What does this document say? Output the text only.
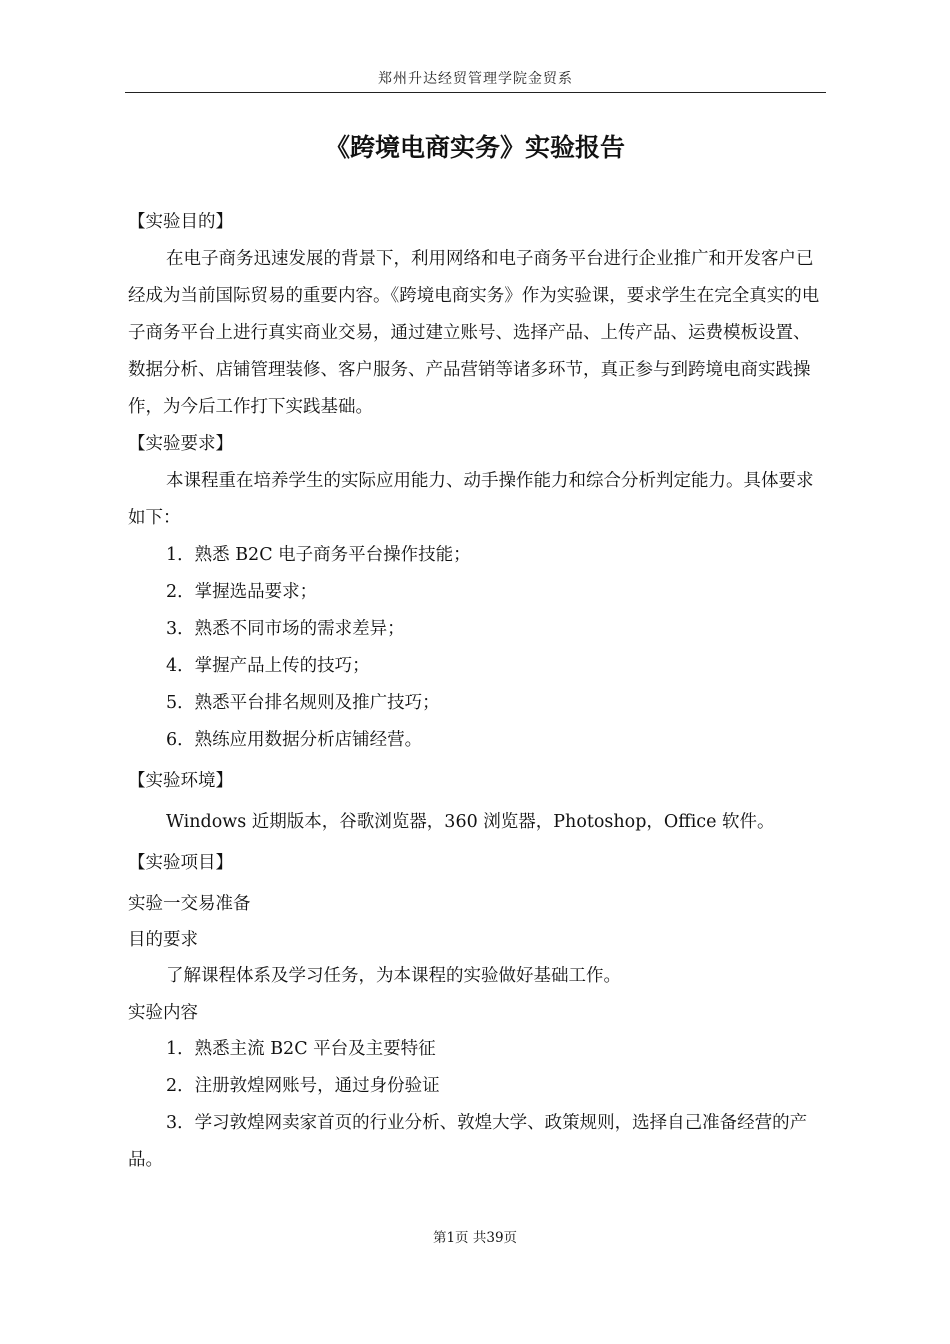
郑州升达经贸管理学院金贸系
《跨境电商实务》实验报告

【实验目的】

在电子商务迅速发展的背景下，利用网络和电子商务平台进行企业推广和开发客户已经成为当前国际贸易的重要内容。《跨境电商实务》作为实验课，要求学生在完全真实的电子商务平台上进行真实商业交易，通过建立账号、选择产品、上传产品、运费模板设置、数据分析、店铺管理装修、客户服务、产品营销等诸多环节，真正参与到跨境电商实践操作，为今后工作打下实践基础。

【实验要求】

本课程重在培养学生的实际应用能力、动手操作能力和综合分析判定能力。具体要求如下：

1．熟悉 B2C 电子商务平台操作技能；

2．掌握选品要求；

3．熟悉不同市场的需求差异；

4．掌握产品上传的技巧；

5．熟悉平台排名规则及推广技巧；

6．熟练应用数据分析店铺经营。

【实验环境】

Windows 近期版本，谷歌浏览器，360 浏览器，Photoshop，Office 软件。

【实验项目】

实验一交易准备

目的要求

了解课程体系及学习任务，为本课程的实验做好基础工作。

实验内容

1．熟悉主流 B2C 平台及主要特征

2．注册敦煌网账号，通过身份验证

3．学习敦煌网卖家首页的行业分析、敦煌大学、政策规则，选择自己准备经营的产品。

第1页 共39页
